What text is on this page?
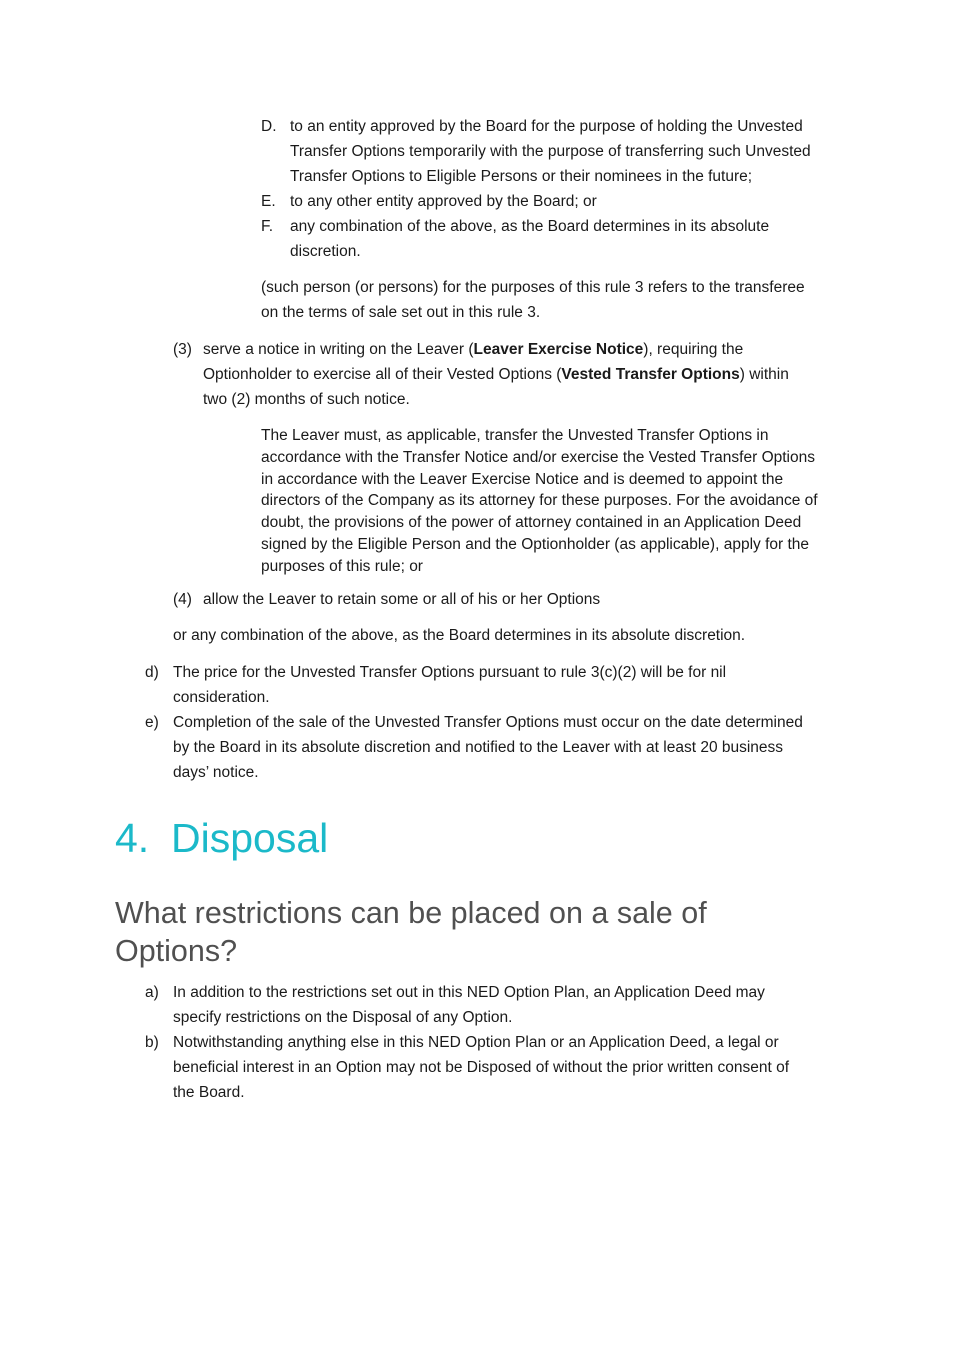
D. to an entity approved by the Board for the purpose of holding the Unvested
Transfer Options temporarily with the purpose of transferring such Unvested
Transfer Options to Eligible Persons or their nominees in the future;
E. to any other entity approved by the Board; or
F. any combination of the above, as the Board determines in its absolute
discretion.
(such person (or persons) for the purposes of this rule 3 refers to the transferee
on the terms of sale set out in this rule 3.
(3) serve a notice in writing on the Leaver (Leaver Exercise Notice), requiring the
Optionholder to exercise all of their Vested Options (Vested Transfer Options) within
two (2) months of such notice.
The Leaver must, as applicable, transfer the Unvested Transfer Options in
accordance with the Transfer Notice and/or exercise the Vested Transfer Options
in accordance with the Leaver Exercise Notice and is deemed to appoint the
directors of the Company as its attorney for these purposes. For the avoidance of
doubt, the provisions of the power of attorney contained in an Application Deed
signed by the Eligible Person and the Optionholder (as applicable), apply for the
purposes of this rule; or
(4) allow the Leaver to retain some or all of his or her Options
or any combination of the above, as the Board determines in its absolute discretion.
d) The price for the Unvested Transfer Options pursuant to rule 3(c)(2) will be for nil
consideration.
e) Completion of the sale of the Unvested Transfer Options must occur on the date determined
by the Board in its absolute discretion and notified to the Leaver with at least 20 business
days’ notice.
4. Disposal
What restrictions can be placed on a sale of
Options?
a) In addition to the restrictions set out in this NED Option Plan, an Application Deed may
specify restrictions on the Disposal of any Option.
b) Notwithstanding anything else in this NED Option Plan or an Application Deed, a legal or
beneficial interest in an Option may not be Disposed of without the prior written consent of
the Board.
